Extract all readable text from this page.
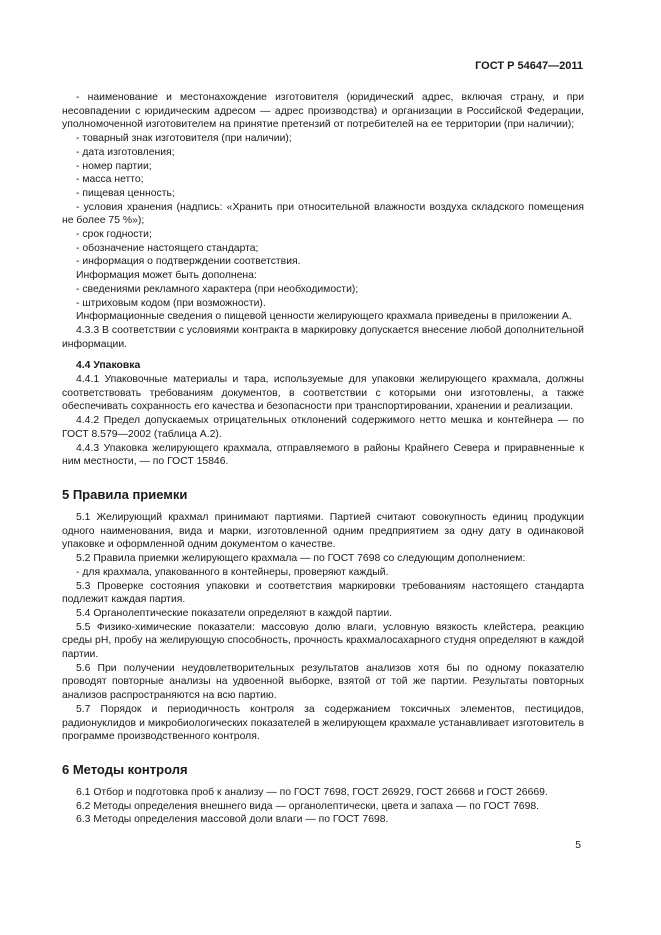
ГОСТ Р 54647—2011

- наименование и местонахождение изготовителя (юридический адрес, включая страну, и при несовпадении с юридическим адресом — адрес производства) и организации в Российской Федерации, уполномоченной изготовителем на принятие претензий от потребителей на ее территории (при наличии);

- товарный знак изготовителя (при наличии);

- дата изготовления;

- номер партии;

- масса нетто;

- пищевая ценность;

- условия хранения (надпись: «Хранить при относительной влажности воздуха складского помещения не более 75 %»);

- срок годности;

- обозначение настоящего стандарта;

- информация о подтверждении соответствия.

Информация может быть дополнена:

- сведениями рекламного характера (при необходимости);

- штриховым кодом (при возможности).

Информационные сведения о пищевой ценности желирующего крахмала приведены в приложении А.

4.3.3 В соответствии с условиями контракта в маркировку допускается внесение любой дополнительной информации.

4.4 Упаковка

4.4.1 Упаковочные материалы и тара, используемые для упаковки желирующего крахмала, должны соответствовать требованиям документов, в соответствии с которыми они изготовлены, а также обеспечивать сохранность его качества и безопасности при транспортировании, хранении и реализации.

4.4.2 Предел допускаемых отрицательных отклонений содержимого нетто мешка и контейнера — по ГОСТ 8.579—2002 (таблица А.2).

4.4.3 Упаковка желирующего крахмала, отправляемого в районы Крайнего Севера и приравненные к ним местности, — по ГОСТ 15846.

5 Правила приемки

5.1 Желирующий крахмал принимают партиями. Партией считают совокупность единиц продукции одного наименования, вида и марки, изготовленной одним предприятием за одну дату в одинаковой упаковке и оформленной одним документом о качестве.

5.2 Правила приемки желирующего крахмала — по ГОСТ 7698 со следующим дополнением:

- для крахмала, упакованного в контейнеры, проверяют каждый.

5.3 Проверке состояния упаковки и соответствия маркировки требованиям настоящего стандарта подлежит каждая партия.

5.4 Органолептические показатели определяют в каждой партии.

5.5 Физико-химические показатели: массовую долю влаги, условную вязкость клейстера, реакцию среды pH, пробу на желирующую способность, прочность крахмалосахарного студня определяют в каждой партии.

5.6 При получении неудовлетворительных результатов анализов хотя бы по одному показателю проводят повторные анализы на удвоенной выборке, взятой от той же партии. Результаты повторных анализов распространяются на всю партию.

5.7 Порядок и периодичность контроля за содержанием токсичных элементов, пестицидов, радионуклидов и микробиологических показателей в желирующем крахмале устанавливает изготовитель в программе производственного контроля.

6 Методы контроля

6.1 Отбор и подготовка проб к анализу — по ГОСТ 7698, ГОСТ 26929, ГОСТ 26668 и ГОСТ 26669.

6.2 Методы определения внешнего вида — органолептически, цвета и запаха — по ГОСТ 7698.

6.3 Методы определения массовой доли влаги — по ГОСТ 7698.

5
